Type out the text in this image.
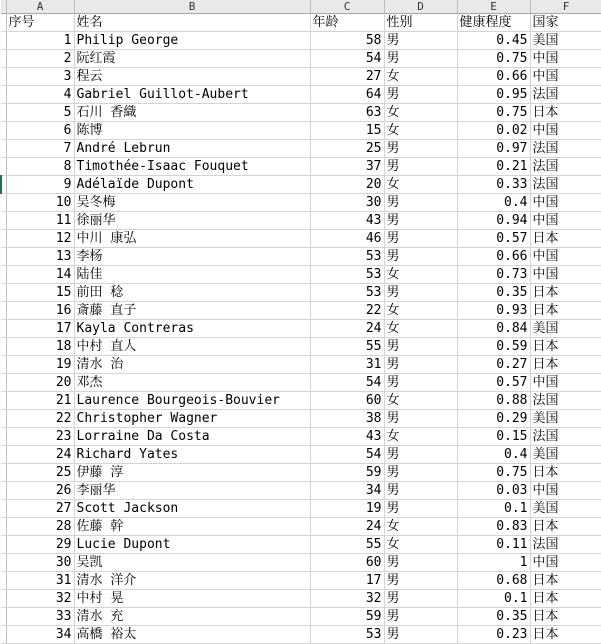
	A	B	C	D	E	F
	序号	姓名	年龄	性别	健康程度	国家
	1	Philip George	58	男	0.45	美国
	2	阮红霞	54	男	0.75	中国
	3	程云	27	女	0.66	中国
	4	Gabriel Guillot-Aubert	64	男	0.95	法国
	5	石川 香織	63	女	0.75	日本
	6	陈博	15	女	0.02	中国
	7	André Lebrun	25	男	0.97	法国
	8	Timothée-Isaac Fouquet	37	男	0.21	法国
	9	Adélaïde Dupont	20	女	0.33	法国
	10	吴冬梅	30	男	0.4	中国
	11	徐丽华	43	男	0.94	中国
	12	中川 康弘	46	男	0.57	日本
	13	李杨	53	男	0.66	中国
	14	陆佳	53	女	0.73	中国
	15	前田 稔	53	男	0.35	日本
	16	斎藤 直子	22	女	0.93	日本
	17	Kayla Contreras	24	女	0.84	美国
	18	中村 直人	55	男	0.59	日本
	19	清水 治	31	男	0.27	日本
	20	邓杰	54	男	0.57	中国
	21	Laurence Bourgeois-Bouvier	60	女	0.88	法国
	22	Christopher Wagner	38	男	0.29	美国
	23	Lorraine Da Costa	43	女	0.15	法国
	24	Richard Yates	54	男	0.4	美国
	25	伊藤 淳	59	男	0.75	日本
	26	李丽华	34	男	0.03	中国
	27	Scott Jackson	19	男	0.1	美国
	28	佐藤 幹	24	女	0.83	日本
	29	Lucie Dupont	55	女	0.11	法国
	30	吴凯	60	男	1	中国
	31	清水 洋介	17	男	0.68	日本
	32	中村 晃	32	男	0.1	日本
	33	清水 充	59	男	0.35	日本
	34	高橋 裕太	53	男	0.23	日本
